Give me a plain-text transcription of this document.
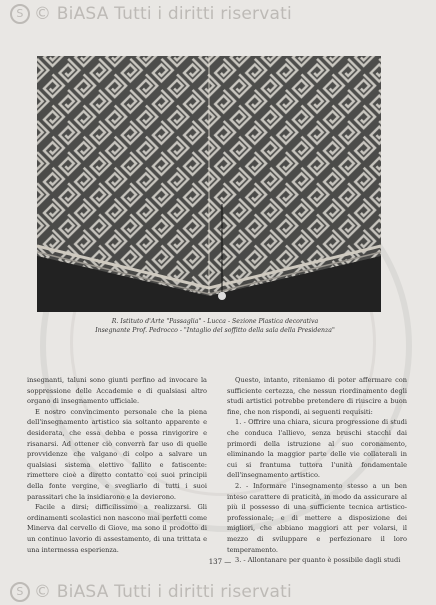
S © BiASA Tutti i diritti riservati
R. Istituto d'Arte "Passaglia" - Lucca - Sezione Plastica decorativa
Insegnante Prof. Pedrocco - "Intaglio del soffitto della sala della Presidenza"

insegnanti, taluni sono giunti perfino ad invocare la soppressione delle Accademie e di qualsiasi altro organo di insegnamento ufficiale.

E nostro convincimento personale che la piena dell'insegnamento artistico sia soltanto apparente e desiderata, che essa debba e possa rinvigorire e risanarsi. Ad ottener ciò converrà far uso di quelle provvidenze che valgano di colpo a salvare un qualsiasi sistema elettivo fallito e fatiscente: rimettere cioè a diretto contatto coi suoi principii della fonte vergine, e svegliarlo di tutti i suoi parassitari che la insidiarono e la devierono.

Facile a dirsi; difficilissimo a realizzarsi. Gli ordinamenti scolastici non nascono mai perfetti come Minerva dal cervello di Giove, ma sono il prodotto di un continuo lavorio di assestamento, di una trittata e una intermessa esperienza.

Questo, intanto, riteniamo di poter affermare con sufficiente certezza, che nessun riordinamento degli studi artistici potrebbe pretendere di riuscire a buon fine, che non rispondi, ai seguenti requisiti:

1. - Offrire una chiara, sicura progressione di studi che conduca l'allievo, senza bruschi stacchi dai primordi della istruzione al suo coronamento, eliminando la maggior parte delle vie collaterali in cui si frantuma tuttora l'unità fondamentale dell'insegnamento artistico.

2. - Informare l'insegnamento stesso a un ben inteso carattere di praticità, in modo da assicurare al più il possesso di una sufficiente tecnica artistico-professionale; e di mettere a disposizione dei migliori, che abbiano maggiori att per volarsi, il mezzo di sviluppare e perfezionare il loro temperamento.

3. - Allontanare per quanto è possibile dagli studi

137 —
S © BiASA Tutti i diritti riservati
